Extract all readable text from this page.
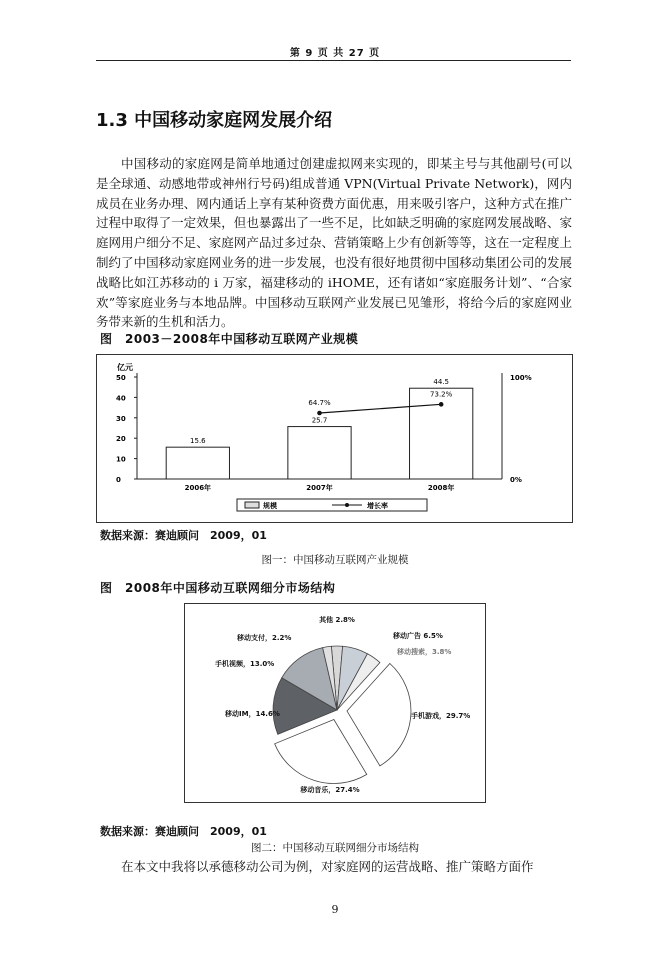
第 9 页 共 27 页
1.3 中国移动家庭网发展介绍
中国移动的家庭网是简单地通过创建虚拟网来实现的，即某主号与其他副号(可以是全球通、动感地带或神州行号码)组成普通 VPN(Virtual Private Network)，网内成员在业务办理、网内通话上享有某种资费方面优惠，用来吸引客户，这种方式在推广过程中取得了一定效果，但也暴露出了一些不足，比如缺乏明确的家庭网发展战略、家庭网用户细分不足、家庭网产品过多过杂、营销策略上少有创新等等，这在一定程度上制约了中国移动家庭网业务的进一步发展，也没有很好地贯彻中国移动集团公司的发展战略比如江苏移动的 i 万家，福建移动的 iHOME，还有诸如“家庭服务计划”、“合家欢”等家庭业务与本地品牌。中国移动互联网产业发展已见雏形，将给今后的家庭网业务带来新的生机和活力。
图　2003－2008年中国移动互联网产业规模
亿元
0
10
20
30
40
50	100%
0%
15.6
2006年
25.7
2007年
44.5
2008年
64.7%
73.2%
规模	增长率
数据来源：赛迪顾问　2009，01
图一：中国移动互联网产业规模
图　2008年中国移动互联网细分市场结构
其他 2.8%
移动广告 6.5%
移动搜索，3.8%
手机游戏，29.7%
移动音乐，27.4%
移动IM，14.6%
手机视频，13.0%
移动支付，2.2%
数据来源：赛迪顾问　2009，01
图二：中国移动互联网细分市场结构
在本文中我将以承德移动公司为例，对家庭网的运营战略、推广策略方面作
9
